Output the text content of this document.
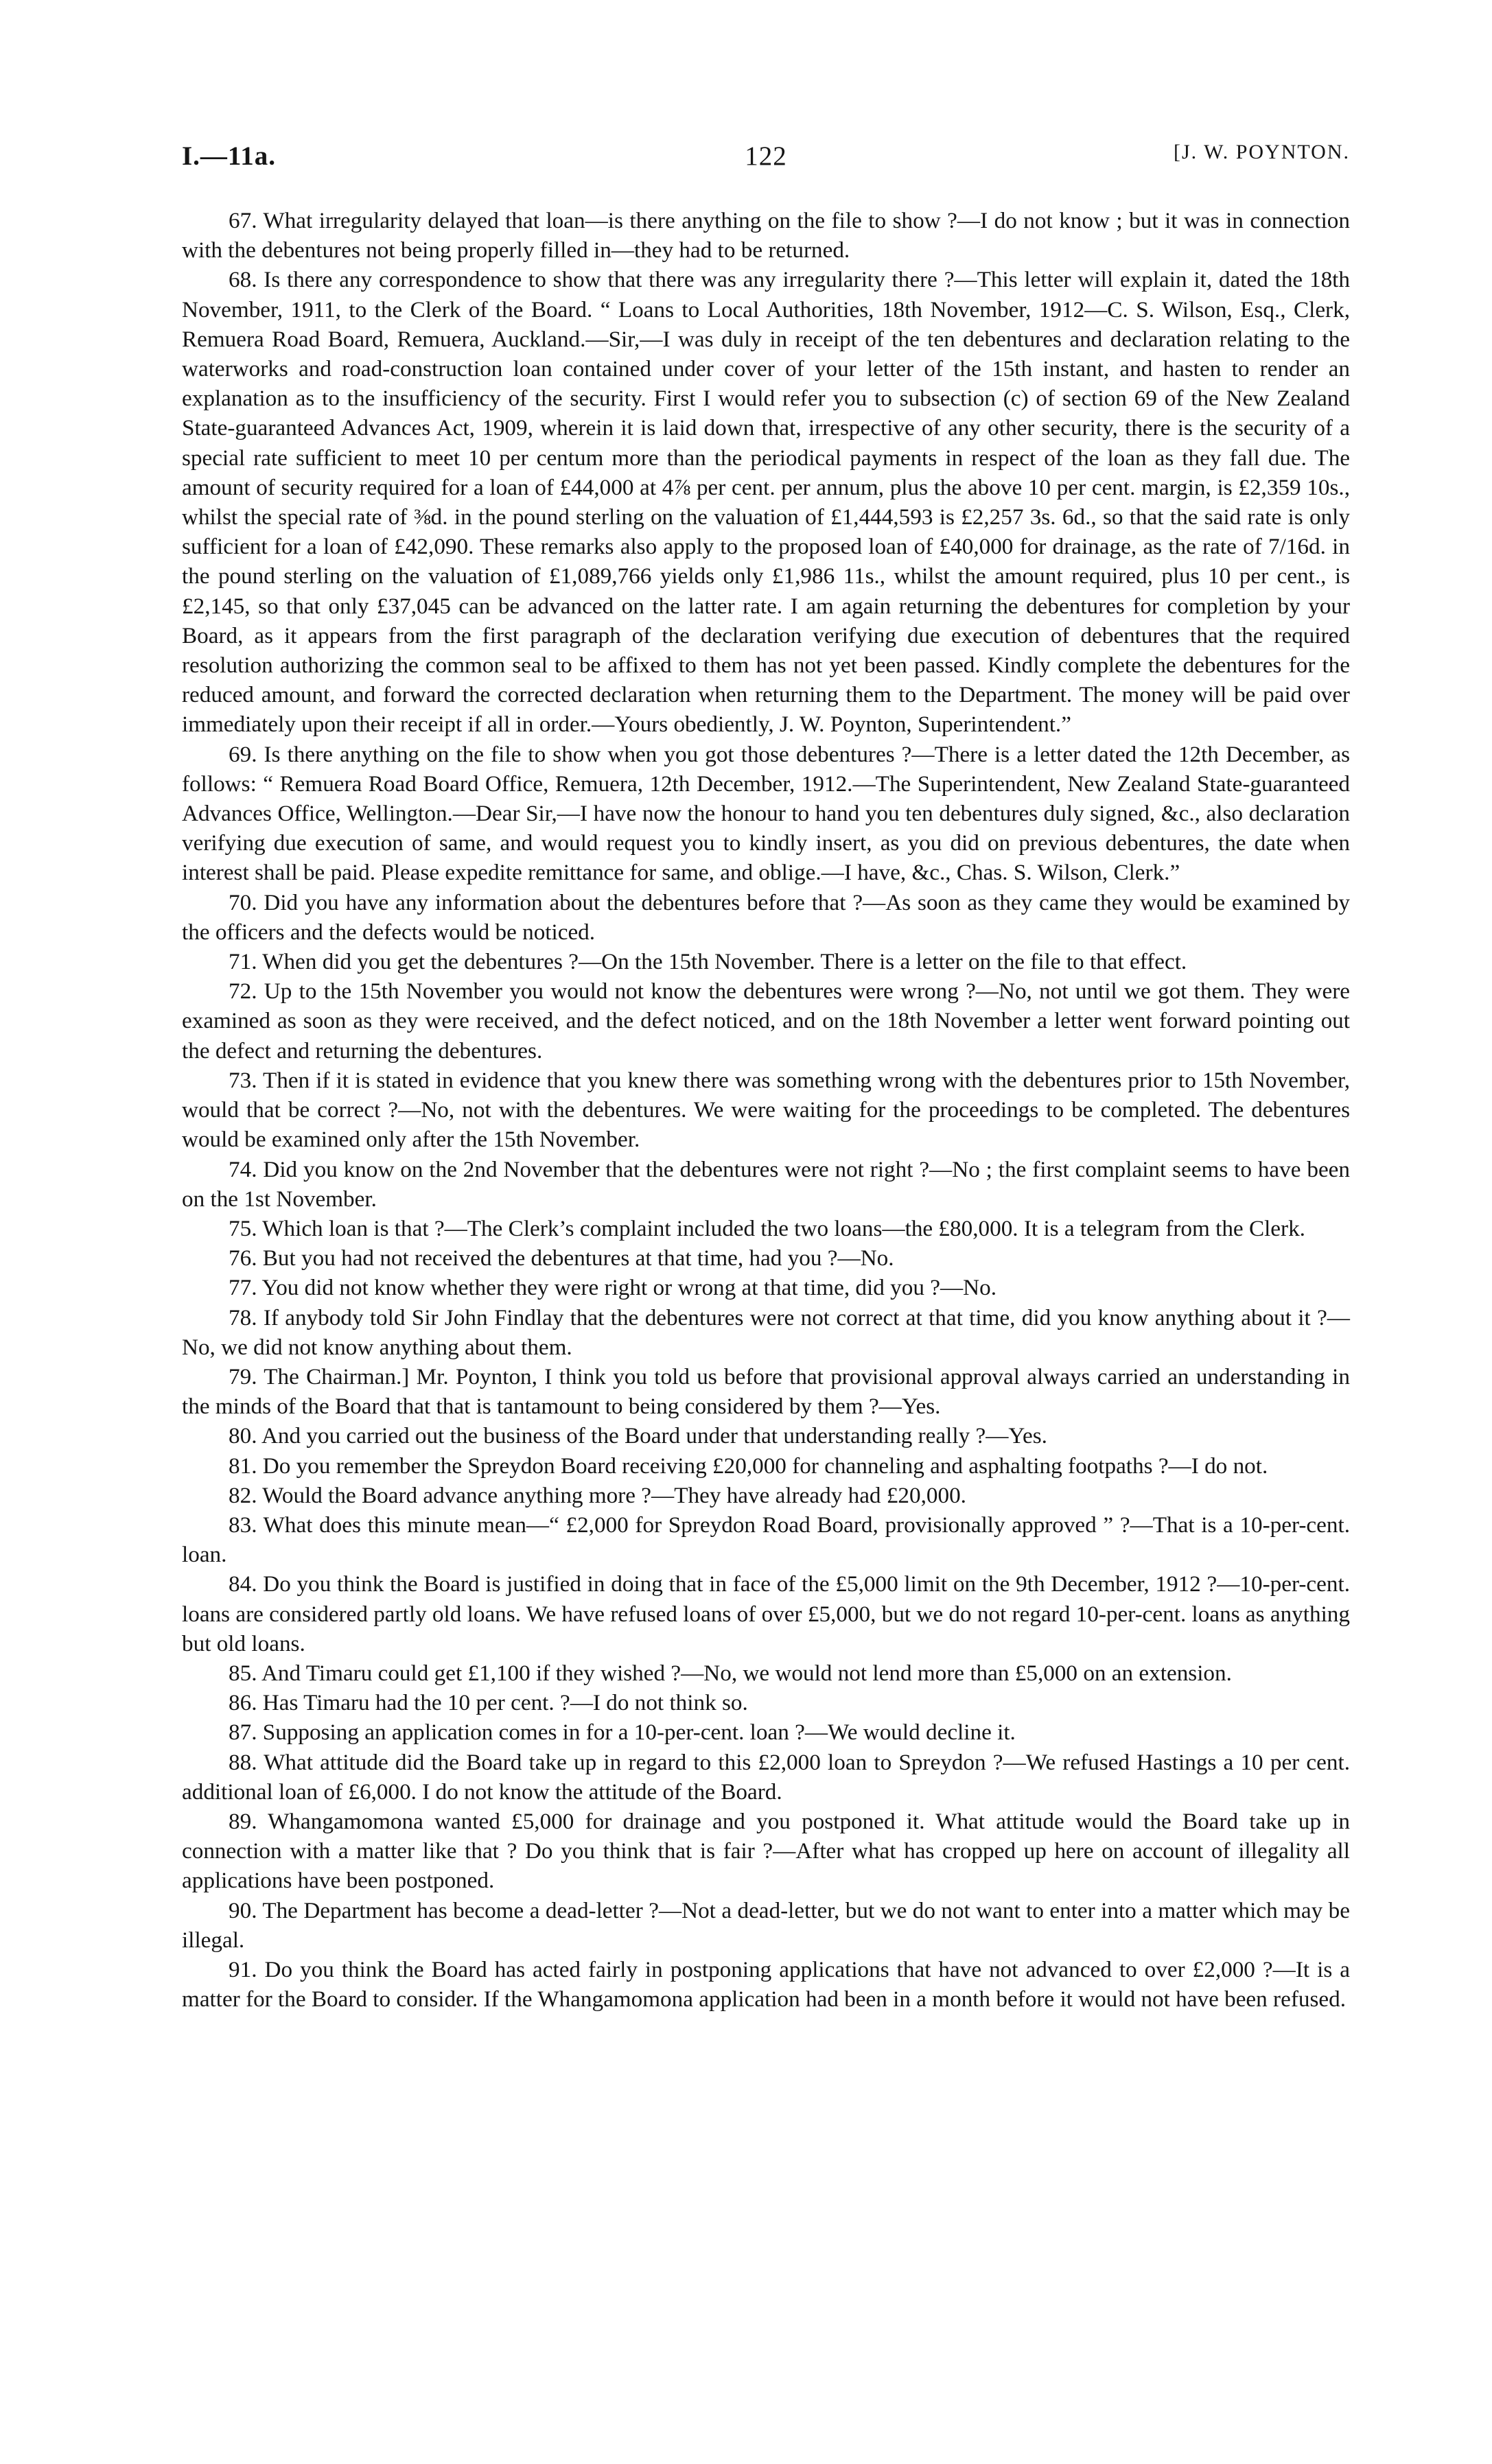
I.—11a.	122	[J. W. POYNTON.

67. What irregularity delayed that loan—is there anything on the file to show ?—I do not know ; but it was in connection with the debentures not being properly filled in—they had to be returned.

68. Is there any correspondence to show that there was any irregularity there ?—This letter will explain it, dated the 18th November, 1911, to the Clerk of the Board. “ Loans to Local Authorities, 18th November, 1912—C. S. Wilson, Esq., Clerk, Remuera Road Board, Remuera, Auckland.—Sir,—I was duly in receipt of the ten debentures and declaration relating to the waterworks and road-construction loan contained under cover of your letter of the 15th instant, and hasten to render an explanation as to the insufficiency of the security. First I would refer you to subsection (c) of section 69 of the New Zealand State-guaranteed Advances Act, 1909, wherein it is laid down that, irrespective of any other security, there is the security of a special rate sufficient to meet 10 per centum more than the periodical payments in respect of the loan as they fall due. The amount of security required for a loan of £44,000 at 4⅞ per cent. per annum, plus the above 10 per cent. margin, is £2,359 10s., whilst the special rate of ⅜d. in the pound sterling on the valuation of £1,444,593 is £2,257 3s. 6d., so that the said rate is only sufficient for a loan of £42,090. These remarks also apply to the proposed loan of £40,000 for drainage, as the rate of 7/16d. in the pound sterling on the valuation of £1,089,766 yields only £1,986 11s., whilst the amount required, plus 10 per cent., is £2,145, so that only £37,045 can be advanced on the latter rate. I am again returning the debentures for completion by your Board, as it appears from the first paragraph of the declaration verifying due execution of debentures that the required resolution authorizing the common seal to be affixed to them has not yet been passed. Kindly complete the debentures for the reduced amount, and forward the corrected declaration when returning them to the Department. The money will be paid over immediately upon their receipt if all in order.—Yours obediently, J. W. Poynton, Superintendent.”

69. Is there anything on the file to show when you got those debentures ?—There is a letter dated the 12th December, as follows: “ Remuera Road Board Office, Remuera, 12th December, 1912.—The Superintendent, New Zealand State-guaranteed Advances Office, Wellington.—Dear Sir,—I have now the honour to hand you ten debentures duly signed, &c., also declaration verifying due execution of same, and would request you to kindly insert, as you did on previous debentures, the date when interest shall be paid. Please expedite remittance for same, and oblige.—I have, &c., Chas. S. Wilson, Clerk.”

70. Did you have any information about the debentures before that ?—As soon as they came they would be examined by the officers and the defects would be noticed.

71. When did you get the debentures ?—On the 15th November. There is a letter on the file to that effect.

72. Up to the 15th November you would not know the debentures were wrong ?—No, not until we got them. They were examined as soon as they were received, and the defect noticed, and on the 18th November a letter went forward pointing out the defect and returning the debentures.

73. Then if it is stated in evidence that you knew there was something wrong with the debentures prior to 15th November, would that be correct ?—No, not with the debentures. We were waiting for the proceedings to be completed. The debentures would be examined only after the 15th November.

74. Did you know on the 2nd November that the debentures were not right ?—No ; the first complaint seems to have been on the 1st November.

75. Which loan is that ?—The Clerk’s complaint included the two loans—the £80,000. It is a telegram from the Clerk.

76. But you had not received the debentures at that time, had you ?—No.

77. You did not know whether they were right or wrong at that time, did you ?—No.

78. If anybody told Sir John Findlay that the debentures were not correct at that time, did you know anything about it ?—No, we did not know anything about them.

79. The Chairman.] Mr. Poynton, I think you told us before that provisional approval always carried an understanding in the minds of the Board that that is tantamount to being considered by them ?—Yes.

80. And you carried out the business of the Board under that understanding really ?—Yes.

81. Do you remember the Spreydon Board receiving £20,000 for channeling and asphalting footpaths ?—I do not.

82. Would the Board advance anything more ?—They have already had £20,000.

83. What does this minute mean—“ £2,000 for Spreydon Road Board, provisionally approved ” ?—That is a 10-per-cent. loan.

84. Do you think the Board is justified in doing that in face of the £5,000 limit on the 9th December, 1912 ?—10-per-cent. loans are considered partly old loans. We have refused loans of over £5,000, but we do not regard 10-per-cent. loans as anything but old loans.

85. And Timaru could get £1,100 if they wished ?—No, we would not lend more than £5,000 on an extension.

86. Has Timaru had the 10 per cent. ?—I do not think so.

87. Supposing an application comes in for a 10-per-cent. loan ?—We would decline it.

88. What attitude did the Board take up in regard to this £2,000 loan to Spreydon ?—We refused Hastings a 10 per cent. additional loan of £6,000. I do not know the attitude of the Board.

89. Whangamomona wanted £5,000 for drainage and you postponed it. What attitude would the Board take up in connection with a matter like that ? Do you think that is fair ?—After what has cropped up here on account of illegality all applications have been postponed.

90. The Department has become a dead-letter ?—Not a dead-letter, but we do not want to enter into a matter which may be illegal.

91. Do you think the Board has acted fairly in postponing applications that have not advanced to over £2,000 ?—It is a matter for the Board to consider. If the Whangamomona application had been in a month before it would not have been refused.
